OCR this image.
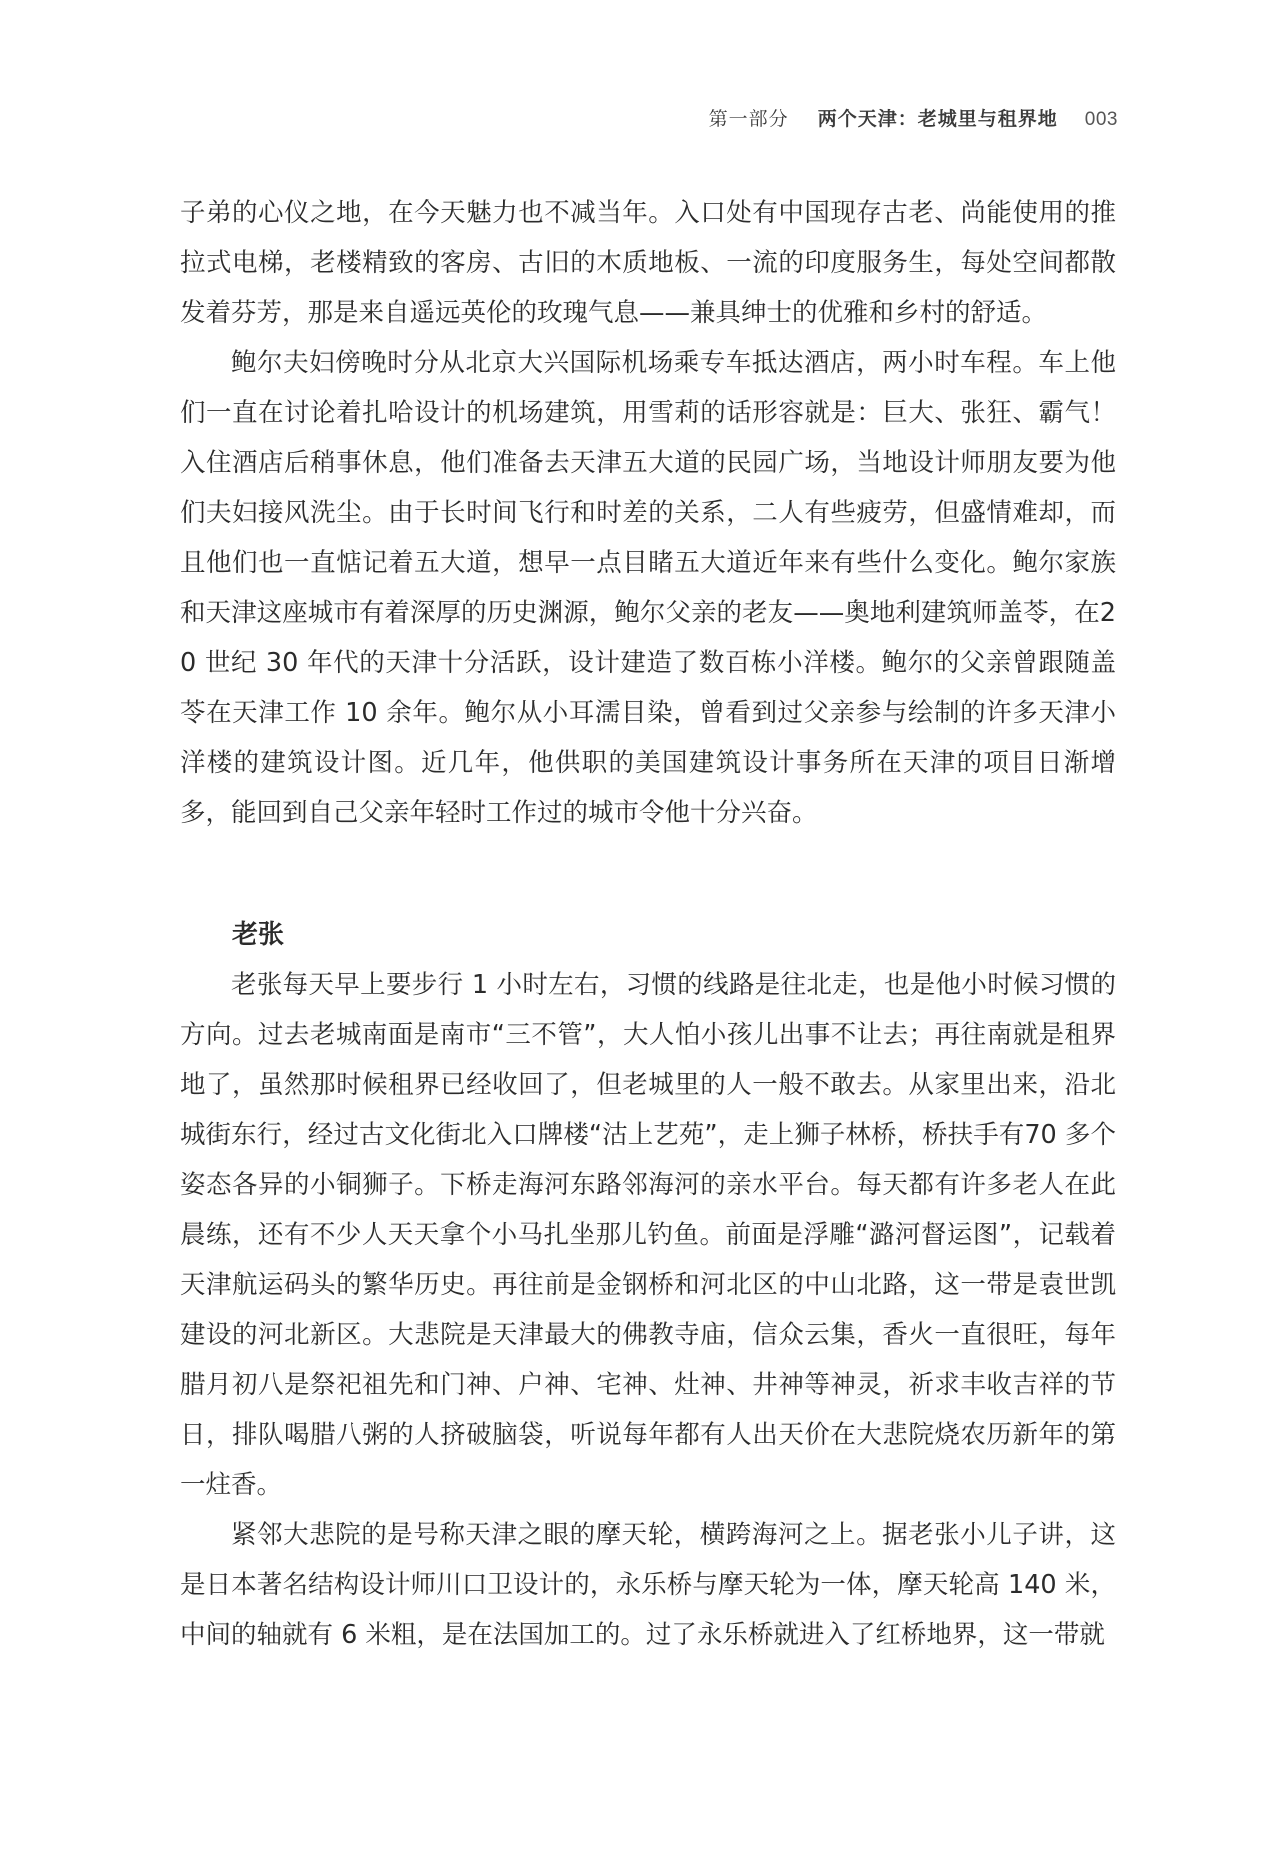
第一部分 两个天津：老城里与租界地 003

子弟的心仪之地，在今天魅力也不减当年。入口处有中国现存古老、尚能使用的推拉式电梯，老楼精致的客房、古旧的木质地板、一流的印度服务生，每处空间都散发着芬芳，那是来自遥远英伦的玫瑰气息——兼具绅士的优雅和乡村的舒适。

鲍尔夫妇傍晚时分从北京大兴国际机场乘专车抵达酒店，两小时车程。车上他们一直在讨论着扎哈设计的机场建筑，用雪莉的话形容就是：巨大、张狂、霸气！入住酒店后稍事休息，他们准备去天津五大道的民园广场，当地设计师朋友要为他们夫妇接风洗尘。由于长时间飞行和时差的关系，二人有些疲劳，但盛情难却，而且他们也一直惦记着五大道，想早一点目睹五大道近年来有些什么变化。鲍尔家族和天津这座城市有着深厚的历史渊源，鲍尔父亲的老友——奥地利建筑师盖苓，在20 世纪 30 年代的天津十分活跃，设计建造了数百栋小洋楼。鲍尔的父亲曾跟随盖苓在天津工作 10 余年。鲍尔从小耳濡目染，曾看到过父亲参与绘制的许多天津小洋楼的建筑设计图。近几年，他供职的美国建筑设计事务所在天津的项目日渐增多，能回到自己父亲年轻时工作过的城市令他十分兴奋。

老张

老张每天早上要步行 1 小时左右，习惯的线路是往北走，也是他小时候习惯的方向。过去老城南面是南市“三不管”，大人怕小孩儿出事不让去；再往南就是租界地了，虽然那时候租界已经收回了，但老城里的人一般不敢去。从家里出来，沿北城街东行，经过古文化街北入口牌楼“沽上艺苑”，走上狮子林桥，桥扶手有70 多个姿态各异的小铜狮子。下桥走海河东路邻海河的亲水平台。每天都有许多老人在此晨练，还有不少人天天拿个小马扎坐那儿钓鱼。前面是浮雕“潞河督运图”，记载着天津航运码头的繁华历史。再往前是金钢桥和河北区的中山北路，这一带是袁世凯建设的河北新区。大悲院是天津最大的佛教寺庙，信众云集，香火一直很旺，每年腊月初八是祭祀祖先和门神、户神、宅神、灶神、井神等神灵，祈求丰收吉祥的节日，排队喝腊八粥的人挤破脑袋，听说每年都有人出天价在大悲院烧农历新年的第一炷香。

紧邻大悲院的是号称天津之眼的摩天轮，横跨海河之上。据老张小儿子讲，这是日本著名结构设计师川口卫设计的，永乐桥与摩天轮为一体，摩天轮高 140 米，中间的轴就有 6 米粗，是在法国加工的。过了永乐桥就进入了红桥地界，这一带就
